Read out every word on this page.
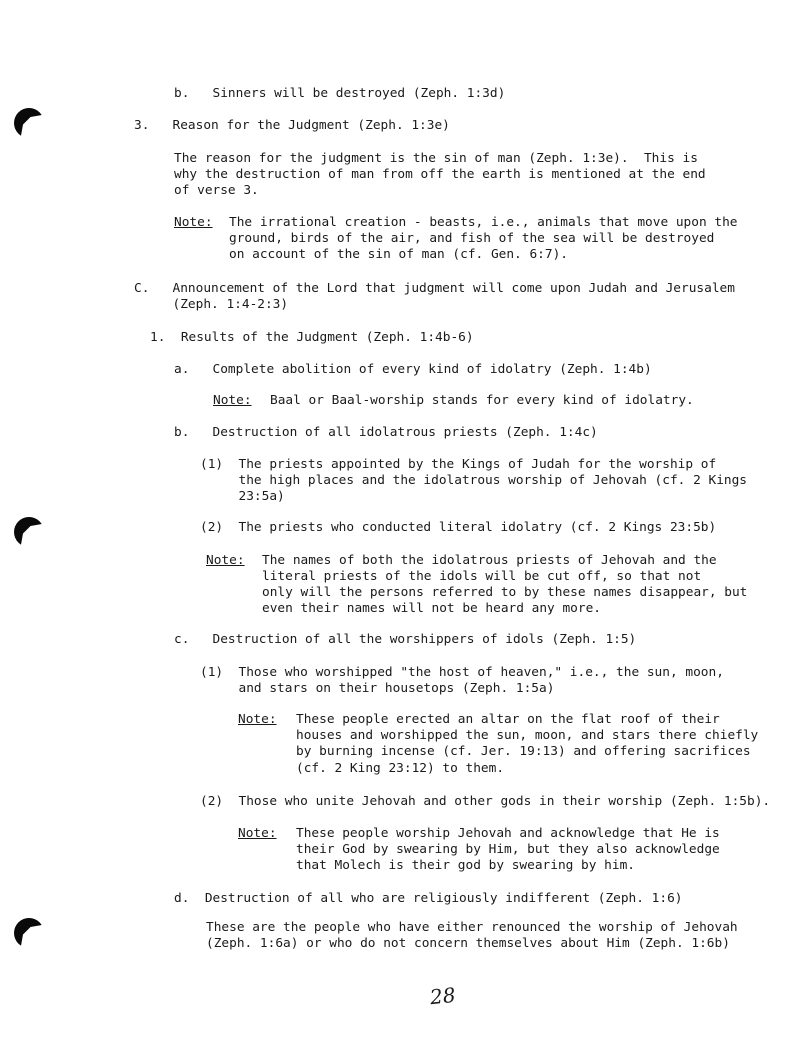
b.   Sinners will be destroyed (Zeph. 1:3d)
3.   Reason for the Judgment (Zeph. 1:3e)
The reason for the judgment is the sin of man (Zeph. 1:3e).  This is
why the destruction of man from off the earth is mentioned at the end
of verse 3.
Note: The irrational creation - beasts, i.e., animals that move upon the
ground, birds of the air, and fish of the sea will be destroyed
on account of the sin of man (cf. Gen. 6:7).
C.   Announcement of the Lord that judgment will come upon Judah and Jerusalem
(Zeph. 1:4-2:3)
1.  Results of the Judgment (Zeph. 1:4b-6)
a.   Complete abolition of every kind of idolatry (Zeph. 1:4b)
Note: Baal or Baal-worship stands for every kind of idolatry.
b.   Destruction of all idolatrous priests (Zeph. 1:4c)
(1)  The priests appointed by the Kings of Judah for the worship of
the high places and the idolatrous worship of Jehovah (cf. 2 Kings
23:5a)
(2)  The priests who conducted literal idolatry (cf. 2 Kings 23:5b)
Note: The names of both the idolatrous priests of Jehovah and the
literal priests of the idols will be cut off, so that not
only will the persons referred to by these names disappear, but
even their names will not be heard any more.
c.   Destruction of all the worshippers of idols (Zeph. 1:5)
(1)  Those who worshipped "the host of heaven," i.e., the sun, moon,
and stars on their housetops (Zeph. 1:5a)
Note: These people erected an altar on the flat roof of their
houses and worshipped the sun, moon, and stars there chiefly
by burning incense (cf. Jer. 19:13) and offering sacrifices
(cf. 2 King 23:12) to them.
(2)  Those who unite Jehovah and other gods in their worship (Zeph. 1:5b).
Note: These people worship Jehovah and acknowledge that He is
their God by swearing by Him, but they also acknowledge
that Molech is their god by swearing by him.
d.  Destruction of all who are religiously indifferent (Zeph. 1:6)
These are the people who have either renounced the worship of Jehovah
(Zeph. 1:6a) or who do not concern themselves about Him (Zeph. 1:6b)
28
